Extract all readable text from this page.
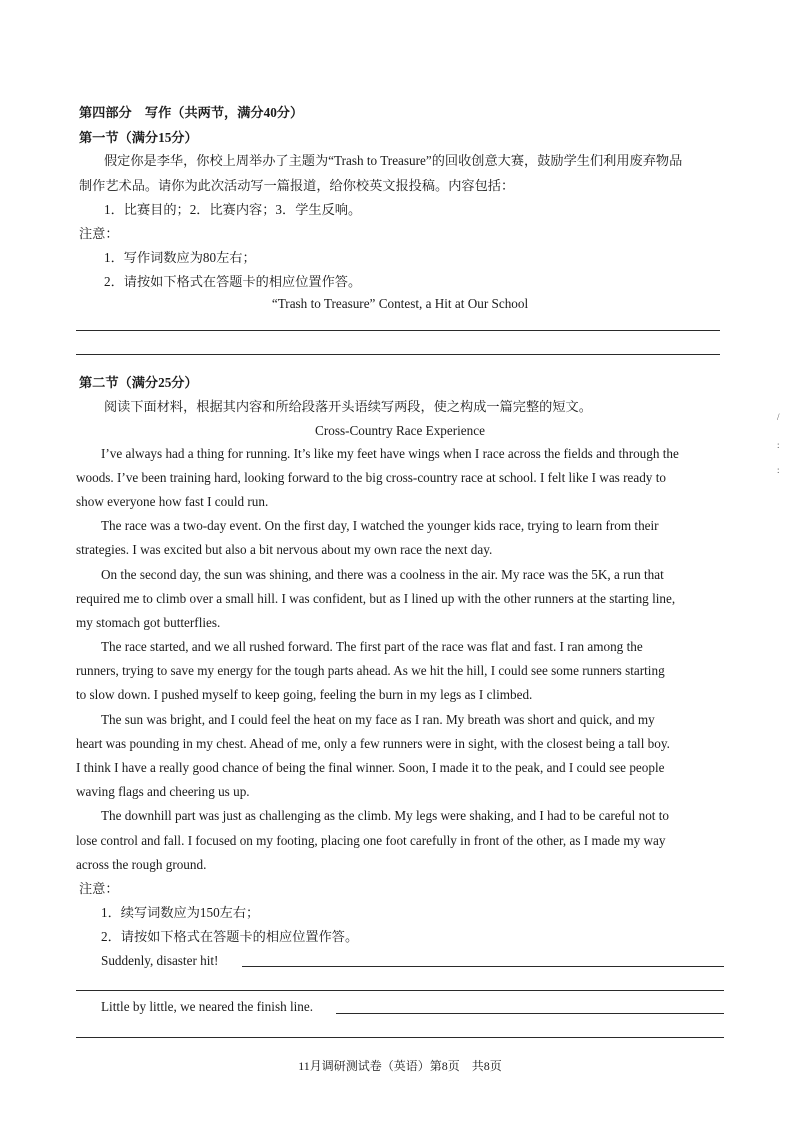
第四部分　写作（共两节，满分40分）
第一节（满分15分）
假定你是李华，你校上周举办了主题为“Trash to Treasure”的回收创意大赛，鼓励学生们利用废弃物品
制作艺术品。请你为此次活动写一篇报道，给你校英文报投稿。内容包括：
1．比赛目的；2．比赛内容；3．学生反响。
注意：
1．写作词数应为80左右；
2．请按如下格式在答题卡的相应位置作答。
“Trash to Treasure” Contest, a Hit at Our School
第二节（满分25分）
阅读下面材料，根据其内容和所给段落开头语续写两段，使之构成一篇完整的短文。
Cross-Country Race Experience
I’ve always had a thing for running. It’s like my feet have wings when I race across the fields and through the
woods. I’ve been training hard, looking forward to the big cross-country race at school. I felt like I was ready to
show everyone how fast I could run.
The race was a two-day event. On the first day, I watched the younger kids race, trying to learn from their
strategies. I was excited but also a bit nervous about my own race the next day.
On the second day, the sun was shining, and there was a coolness in the air. My race was the 5K, a run that
required me to climb over a small hill. I was confident, but as I lined up with the other runners at the starting line,
my stomach got butterflies.
The race started, and we all rushed forward. The first part of the race was flat and fast. I ran among the
runners, trying to save my energy for the tough parts ahead. As we hit the hill, I could see some runners starting
to slow down. I pushed myself to keep going, feeling the burn in my legs as I climbed.
The sun was bright, and I could feel the heat on my face as I ran. My breath was short and quick, and my
heart was pounding in my chest. Ahead of me, only a few runners were in sight, with the closest being a tall boy.
I think I have a really good chance of being the final winner. Soon, I made it to the peak, and I could see people
waving flags and cheering us up.
The downhill part was just as challenging as the climb. My legs were shaking, and I had to be careful not to
lose control and fall. I focused on my footing, placing one foot carefully in front of the other, as I made my way
across the rough ground.
注意：
1．续写词数应为150左右；
2．请按如下格式在答题卡的相应位置作答。
Suddenly, disaster hit!
Little by little, we neared the finish line.
11月调研测试卷（英语）第8页　共8页
/
:
:
